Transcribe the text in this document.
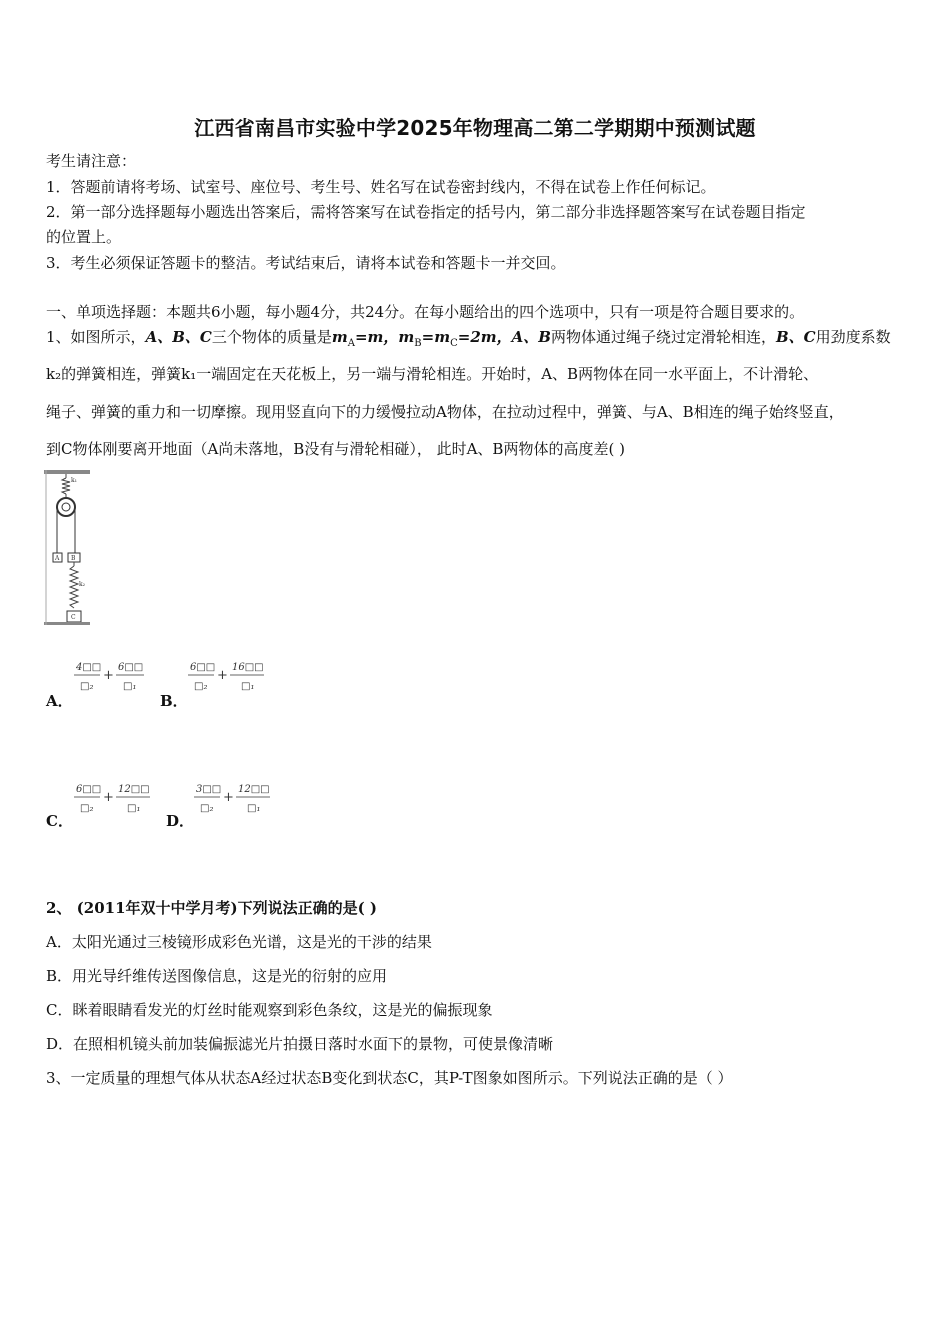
江西省南昌市实验中学2025年物理高二第二学期期中预测试题
考生请注意：
1．答题前请将考场、试室号、座位号、考生号、姓名写在试卷密封线内，不得在试卷上作任何标记。
2．第一部分选择题每小题选出答案后，需将答案写在试卷指定的括号内，第二部分非选择题答案写在试卷题目指定
的位置上。
3．考生必须保证答题卡的整洁。考试结束后，请将本试卷和答题卡一并交回。
一、单项选择题：本题共6小题，每小题4分，共24分。在每小题给出的四个选项中，只有一项是符合题目要求的。
1、如图所示，A、B、C三个物体的质量是$m_A=m$，$m_B=m_C=2m$，A、B两物体通过绳子绕过定滑轮相连，B、C用劲度系数
k₂的弹簧相连，弹簧k₁一端固定在天花板上，另一端与滑轮相连。开始时，A、B两物体在同一水平面上，不计滑轮、
绳子、弹簧的重力和一切摩擦。现用竖直向下的力缓慢拉动A物体，在拉动过程中，弹簧、与A、B相连的绳子始终竖直，
到C物体刚要离开地面（A尚未落地，B没有与滑轮相碰）， 此时A、B两物体的高度差( )
k₁
A B
k₂
C
A．
4□□
□₂
+
6□□
□₁
B．
6□□
□₂
+
16□□
□₁
C．
6□□
□₂
+
12□□
□₁
D．
3□□
□₂
+
12□□
□₁
2、 (2011年双十中学月考)下列说法正确的是( )
A．太阳光通过三棱镜形成彩色光谱，这是光的干涉的结果
B．用光导纤维传送图像信息，这是光的衍射的应用
C．眯着眼睛看发光的灯丝时能观察到彩色条纹，这是光的偏振现象
D．在照相机镜头前加装偏振滤光片拍摄日落时水面下的景物，可使景像清晰
3、一定质量的理想气体从状态A经过状态B变化到状态C，其P-T图象如图所示。下列说法正确的是（ ）
